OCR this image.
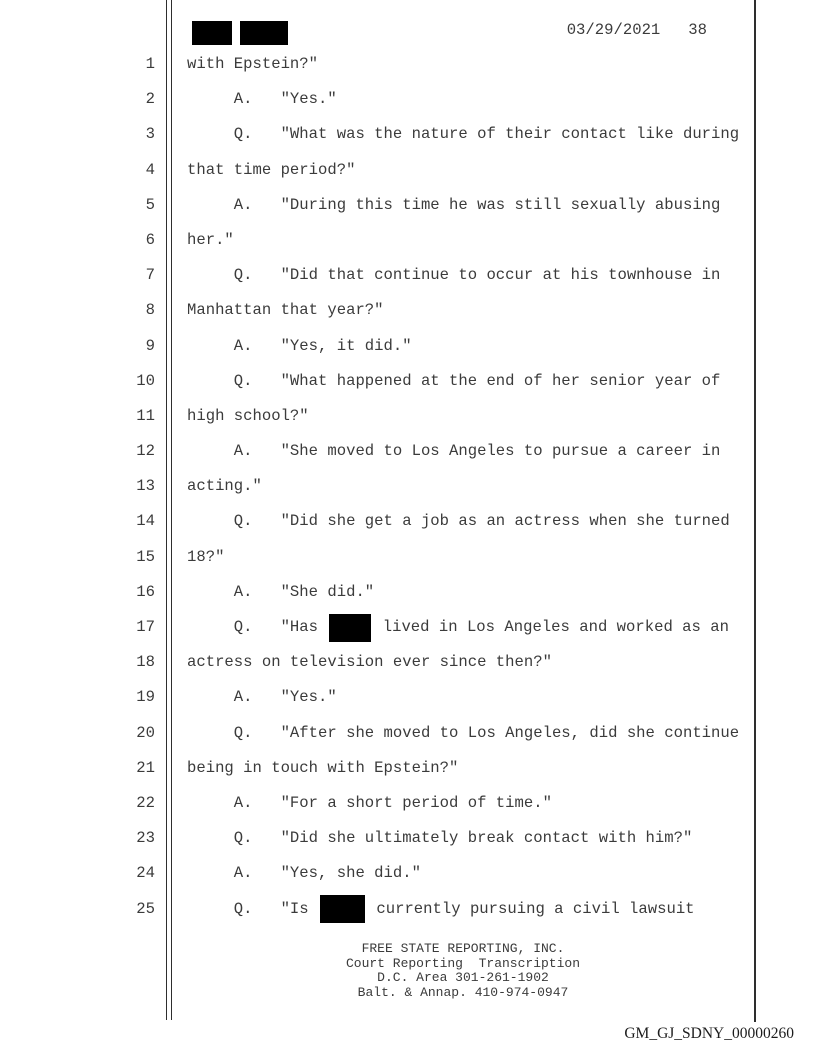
03/29/2021 38
1 with Epstein?"
2 A.   "Yes."
3 Q.   "What was the nature of their contact like during
4 that time period?"
5 A.   "During this time he was still sexually abusing
6 her."
7 Q.   "Did that continue to occur at his townhouse in
8 Manhattan that year?"
9 A.   "Yes, it did."
10 Q.   "What happened at the end of her senior year of
11 high school?"
12 A.   "She moved to Los Angeles to pursue a career in
13 acting."
14 Q.   "Did she get a job as an actress when she turned
15 18?"
16 A.   "She did."
17 Q.   "Has	lived in Los Angeles and worked as an
18 actress on television ever since then?"
19 A.   "Yes."
20 Q.   "After she moved to Los Angeles, did she continue
21 being in touch with Epstein?"
22 A.   "For a short period of time."
23 Q.   "Did she ultimately break contact with him?"
24 A.   "Yes, she did."
25 Q.   "Is	currently pursuing a civil lawsuit
FREE STATE REPORTING, INC.
Court Reporting  Transcription
D.C. Area 301-261-1902
Balt. & Annap. 410-974-0947
GM_GJ_SDNY_00000260
